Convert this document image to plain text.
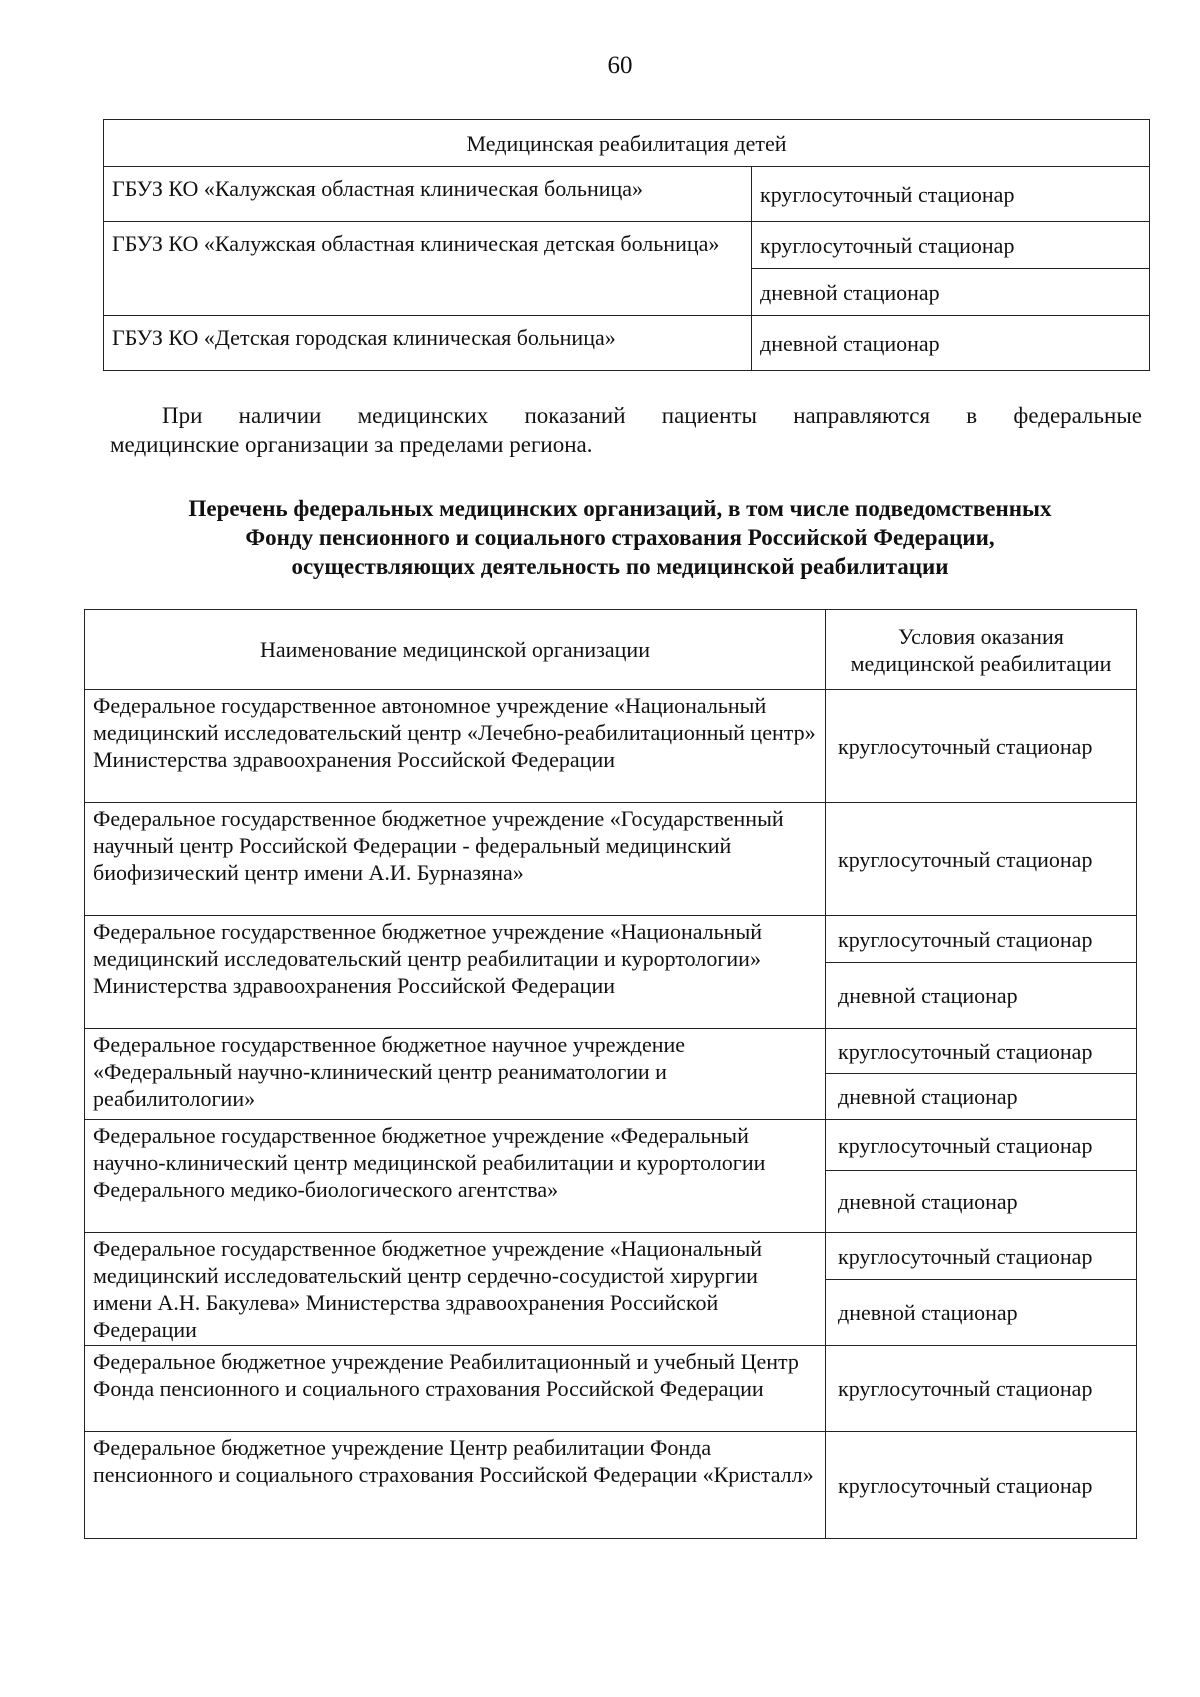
60
Медицинская реабилитация детей	
ГБУЗ КО «Калужская областная клиническая больница»	круглосуточный стационар
ГБУЗ КО «Калужская областная клиническая детская больница»	круглосуточный стационар
	дневной стационар
ГБУЗ КО «Детская городская клиническая больница»	дневной стационар
При наличии медицинских показаний пациенты направляются в федеральные
медицинские организации за пределами региона.
Перечень федеральных медицинских организаций, в том числе подведомственных
Фонду пенсионного и социального страхования Российской Федерации,
осуществляющих деятельность по медицинской реабилитации
Наименование медицинской организации	Условия оказания медицинской реабилитации
Федеральное государственное автономное учреждение «Национальный медицинский исследовательский центр «Лечебно-реабилитационный центр» Министерства здравоохранения Российской Федерации	круглосуточный стационар
Федеральное государственное бюджетное учреждение «Государственный научный центр Российской Федерации - федеральный медицинский биофизический центр имени А.И. Бурназяна»	круглосуточный стационар
Федеральное государственное бюджетное учреждение «Национальный медицинский исследовательский центр реабилитации и курортологии» Министерства здравоохранения Российской Федерации	круглосуточный стационар
	дневной стационар
Федеральное государственное бюджетное научное учреждение «Федеральный научно-клинический центр реаниматологии и реабилитологии»	круглосуточный стационар
	дневной стационар
Федеральное государственное бюджетное учреждение «Федеральный научно-клинический центр медицинской реабилитации и курортологии Федерального медико-биологического агентства»	круглосуточный стационар
	дневной стационар
Федеральное государственное бюджетное учреждение «Национальный медицинский исследовательский центр сердечно-сосудистой хирургии имени А.Н. Бакулева» Министерства здравоохранения Российской Федерации	круглосуточный стационар
	дневной стационар
Федеральное бюджетное учреждение Реабилитационный и учебный Центр Фонда пенсионного и социального страхования Российской Федерации	круглосуточный стационар
Федеральное бюджетное учреждение Центр реабилитации Фонда пенсионного и социального страхования Российской Федерации «Кристалл»	круглосуточный стационар
